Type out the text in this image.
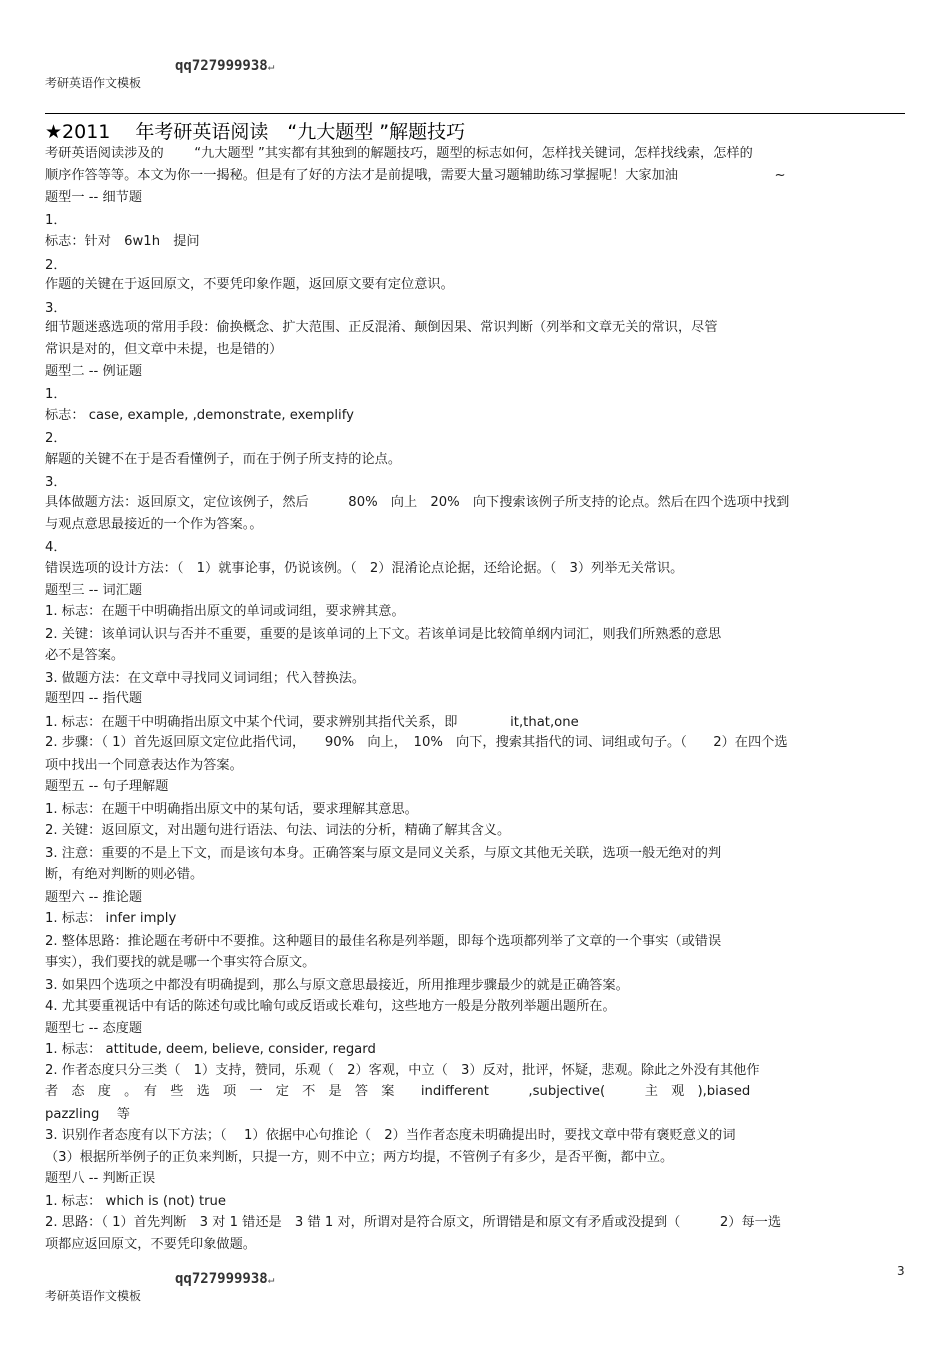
qq727999938↵
考研英语作文模板
★2011　 年考研英语阅读　“九大题型 ”解题技巧
考研英语阅读涉及的　　 “九大题型 ”其实都有其独到的解题技巧，题型的标志如何，怎样找关键词，怎样找线索，怎样的
顺序作答等等。本文为你一一揭秘。但是有了好的方法才是前提哦，需要大量习题辅助练习掌握呢！大家加油　　　　　　　 ~
题型一 -- 细节题
1．
标志：针对　6w1h　提问
2．
作题的关键在于返回原文，不要凭印象作题，返回原文要有定位意识。
3．
细节题迷惑选项的常用手段：偷换概念、扩大范围、正反混淆、颠倒因果、常识判断（列举和文章无关的常识，尽管
常识是对的，但文章中未提，也是错的）
题型二 -- 例证题
1．
标志： case, example, ,demonstrate, exemplify
2．
解题的关键不在于是否看懂例子，而在于例子所支持的论点。
3．
具体做题方法：返回原文，定位该例子，然后　　　80%　向上　20%　向下搜索该例子所支持的论点。然后在四个选项中找到
与观点意思最接近的一个作为答案。。
4．
错误选项的设计方法：（　1）就事论事，仍说该例。（　2）混淆论点论据，还给论据。（　3）列举无关常识。
题型三 -- 词汇题
1. 标志：在题干中明确指出原文的单词或词组，要求辨其意。
2. 关键：该单词认识与否并不重要，重要的是该单词的上下文。若该单词是比较简单纲内词汇，则我们所熟悉的意思
必不是答案。
3. 做题方法：在文章中寻找同义词词组；代入替换法。
题型四 -- 指代题
1. 标志：在题干中明确指出原文中某个代词，要求辨别其指代关系，即　　　　it,that,one
2. 步骤：（ 1）首先返回原文定位此指代词，　　90%　向上，　10%　向下，搜索其指代的词、词组或句子。（　　2）在四个选
项中找出一个同意表达作为答案。
题型五 -- 句子理解题
1. 标志：在题干中明确指出原文中的某句话，要求理解其意思。
2. 关键：返回原文，对出题句进行语法、句法、词法的分析，精确了解其含义。
3. 注意：重要的不是上下文，而是该句本身。正确答案与原文是同义关系，与原文其他无关联，选项一般无绝对的判
断，有绝对判断的则必错。
题型六 -- 推论题
1. 标志： infer imply
2. 整体思路：推论题在考研中不要推。这种题目的最佳名称是列举题，即每个选项都列举了文章的一个事实（或错误
事实），我们要找的就是哪一个事实符合原文。
3. 如果四个选项之中都没有明确提到，那么与原文意思最接近，所用推理步骤最少的就是正确答案。
4. 尤其要重视话中有话的陈述句或比喻句或反语或长难句，这些地方一般是分散列举题出题所在。
题型七 -- 态度题
1. 标志： attitude, deem, believe, consider, regard
2. 作者态度只分三类（　1）支持，赞同，乐观（　2）客观，中立（　3）反对，批评，怀疑，悲观。除此之外没有其他作
者　态　度　。　有　些　选　项　一　定　不　是　答　案　　indifferent　　　,subjective(　　　主　观　),biased
pazzling　 等
3. 识别作者态度有以下方法；（　 1）依据中心句推论（　2）当作者态度未明确提出时，要找文章中带有褒贬意义的词
（3）根据所举例子的正负来判断，只提一方，则不中立；两方均提，不管例子有多少，是否平衡，都中立。
题型八 -- 判断正误
1. 标志： which is (not) true
2. 思路：（ 1）首先判断　3 对 1 错还是　3 错 1 对，所谓对是符合原文，所谓错是和原文有矛盾或没提到（　　　2）每一选
项都应返回原文，不要凭印象做题。
3
qq727999938↵
考研英语作文模板
